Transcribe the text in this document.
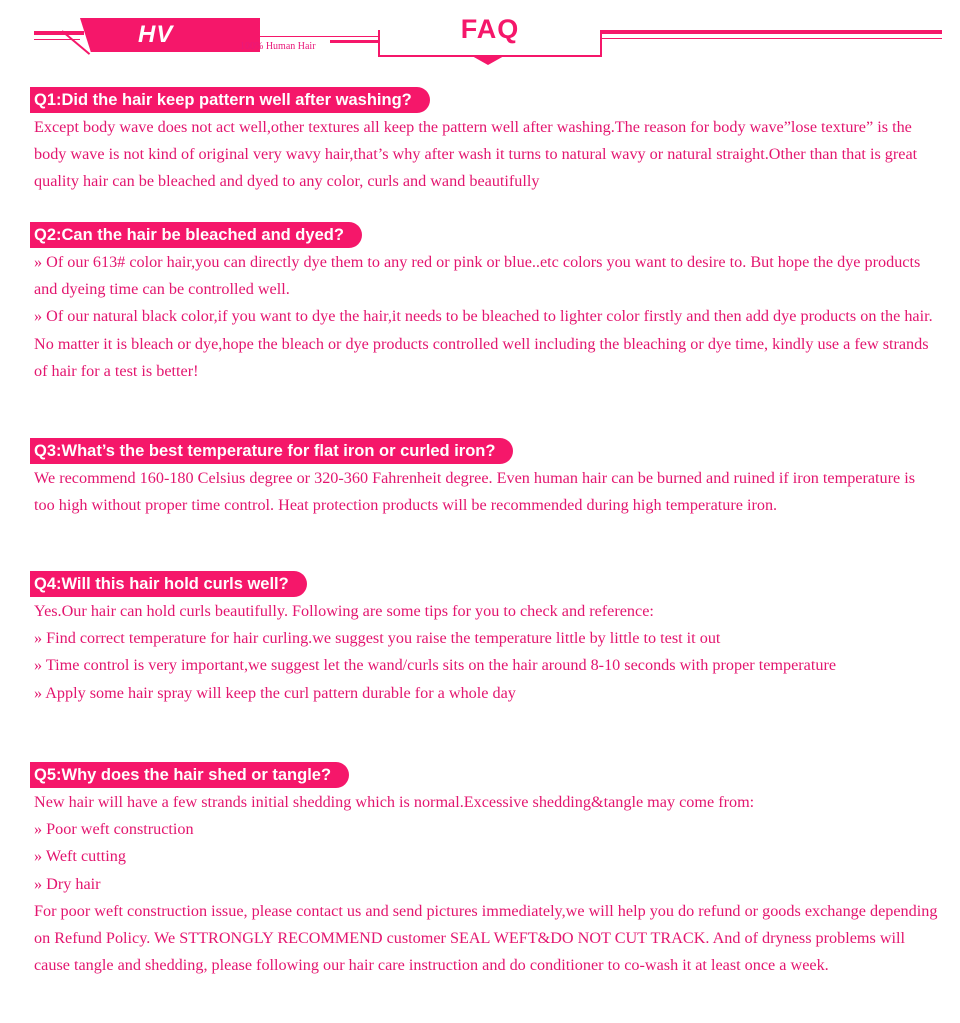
HV	100% Human Hair
FAQ
Q1:Did the hair keep pattern well after washing?

Except body wave does not act well,other textures all keep the pattern well after washing.The reason for body wave”lose texture” is the body wave is not kind of original very wavy hair,that’s why after wash it turns to natural wavy or natural straight.Other than that is great quality hair can be bleached and dyed to any color, curls and wand beautifully

Q2:Can the hair be bleached and dyed?

» Of our 613# color hair,you can directly dye them to any red or pink or blue..etc colors you want to desire to. But hope the dye products and dyeing time can be controlled well.

» Of our natural black color,if you want to dye the hair,it needs to be bleached to lighter color firstly and then add dye products on the hair.

No matter it is bleach or dye,hope the bleach or dye products controlled well including the bleaching or dye time, kindly use a few strands of hair for a test is better!

Q3:What’s the best temperature for flat iron or curled iron?

We recommend 160-180 Celsius degree or 320-360 Fahrenheit degree. Even human hair can be burned and ruined if iron temperature is too high without proper time control. Heat protection products will be recommended during high temperature iron.

Q4:Will this hair hold curls well?

Yes.Our hair can hold curls beautifully. Following are some tips for you to check and reference:

» Find correct temperature for hair curling.we suggest you raise the temperature little by little to test it out

» Time control is very important,we suggest let the wand/curls sits on the hair around 8-10 seconds with proper temperature

» Apply some hair spray will keep the curl pattern durable for a whole day

Q5:Why does the hair shed or tangle?

New hair will have a few strands initial shedding which is normal.Excessive shedding&tangle may come from:

» Poor weft construction

» Weft cutting

» Dry hair

For poor weft construction issue, please contact us and send pictures immediately,we will help you do refund or goods exchange depending on Refund Policy. We STTRONGLY RECOMMEND customer SEAL WEFT&DO NOT CUT TRACK. And of dryness problems will cause tangle and shedding, please following our hair care instruction and do conditioner to co-wash it at least once a week.
